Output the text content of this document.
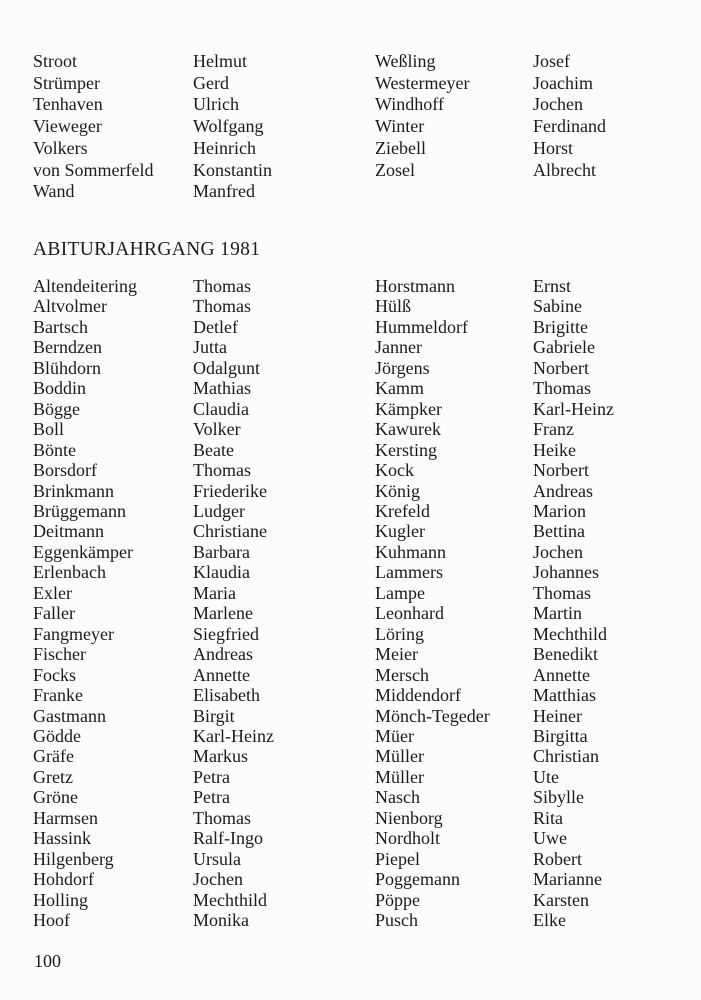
Stroot	Helmut	Weßling	Josef
Strümper	Gerd	Westermeyer	Joachim
Tenhaven	Ulrich	Windhoff	Jochen
Vieweger	Wolfgang	Winter	Ferdinand
Volkers	Heinrich	Ziebell	Horst
von Sommerfeld	Konstantin	Zosel	Albrecht
Wand	Manfred
ABITURJAHRGANG 1981
Altendeitering	Thomas	Horstmann	Ernst
Altvolmer	Thomas	Hülß	Sabine
Bartsch	Detlef	Hummeldorf	Brigitte
Berndzen	Jutta	Janner	Gabriele
Blühdorn	Odalgunt	Jörgens	Norbert
Boddin	Mathias	Kamm	Thomas
Bögge	Claudia	Kämpker	Karl-Heinz
Boll	Volker	Kawurek	Franz
Bönte	Beate	Kersting	Heike
Borsdorf	Thomas	Kock	Norbert
Brinkmann	Friederike	König	Andreas
Brüggemann	Ludger	Krefeld	Marion
Deitmann	Christiane	Kugler	Bettina
Eggenkämper	Barbara	Kuhmann	Jochen
Erlenbach	Klaudia	Lammers	Johannes
Exler	Maria	Lampe	Thomas
Faller	Marlene	Leonhard	Martin
Fangmeyer	Siegfried	Löring	Mechthild
Fischer	Andreas	Meier	Benedikt
Focks	Annette	Mersch	Annette
Franke	Elisabeth	Middendorf	Matthias
Gastmann	Birgit	Mönch-Tegeder	Heiner
Gödde	Karl-Heinz	Müer	Birgitta
Gräfe	Markus	Müller	Christian
Gretz	Petra	Müller	Ute
Gröne	Petra	Nasch	Sibylle
Harmsen	Thomas	Nienborg	Rita
Hassink	Ralf-Ingo	Nordholt	Uwe
Hilgenberg	Ursula	Piepel	Robert
Hohdorf	Jochen	Poggemann	Marianne
Holling	Mechthild	Pöppe	Karsten
Hoof	Monika	Pusch	Elke
100
